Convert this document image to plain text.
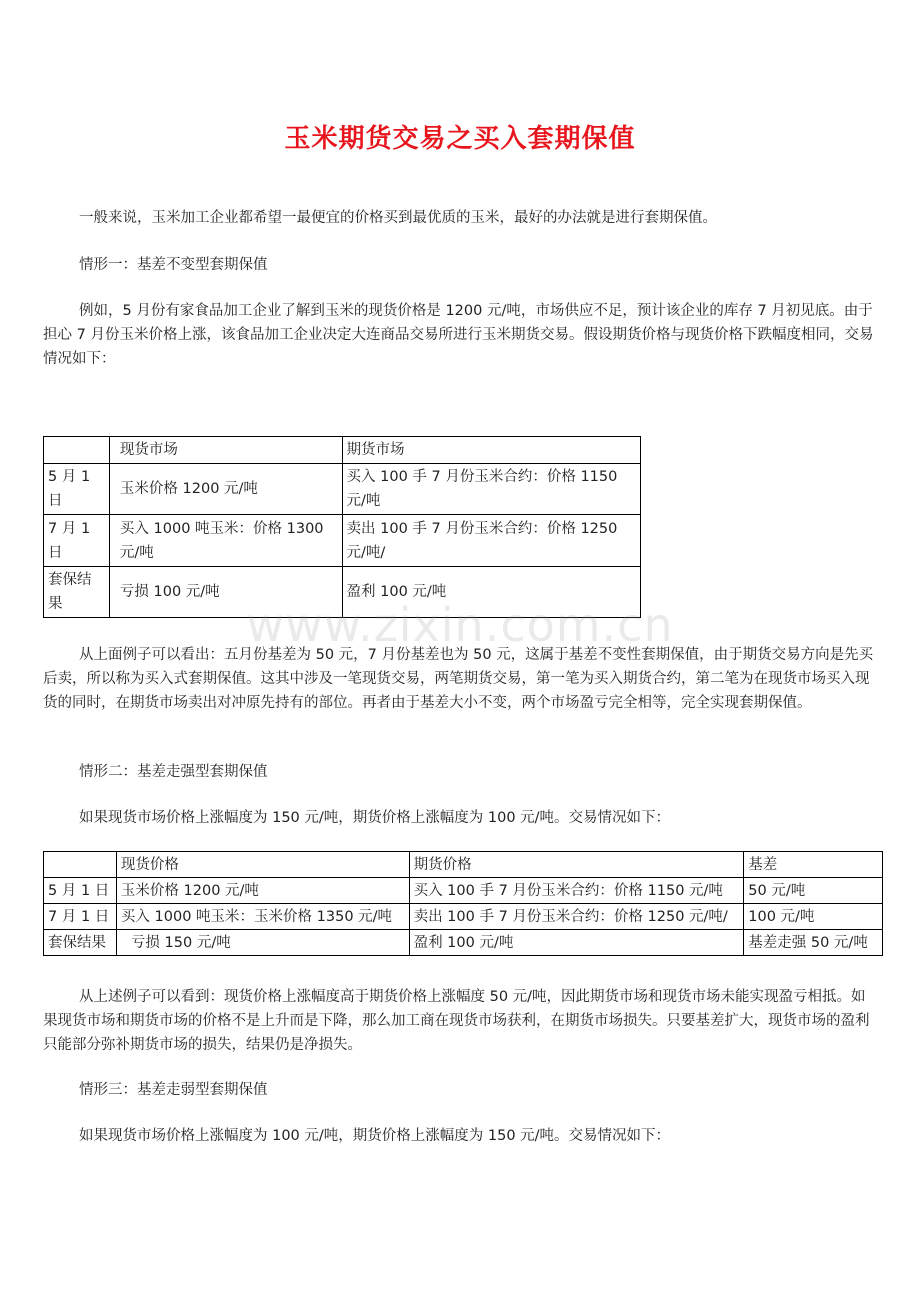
玉米期货交易之买入套期保值

一般来说，玉米加工企业都希望一最便宜的价格买到最优质的玉米，最好的办法就是进行套期保值。

情形一：基差不变型套期保值

例如，5 月份有家食品加工企业了解到玉米的现货价格是 1200 元/吨，市场供应不足，预计该企业的库存 7 月初见底。由于担心 7 月份玉米价格上涨，该食品加工企业决定大连商品交易所进行玉米期货交易。假设期货价格与现货价格下跌幅度相同，交易情况如下：

	现货市场	期货市场
5 月 1 日	玉米价格 1200 元/吨	买入 100 手 7 月份玉米合约：价格 1150 元/吨
7 月 1 日	买入 1000 吨玉米：价格 1300 元/吨	卖出 100 手 7 月份玉米合约：价格 1250 元/吨/
套保结果	亏损 100 元/吨	盈利 100 元/吨
www.zixin.com.cn

从上面例子可以看出：五月份基差为 50 元，7 月份基差也为 50 元，这属于基差不变性套期保值，由于期货交易方向是先买后卖，所以称为买入式套期保值。这其中涉及一笔现货交易，两笔期货交易，第一笔为买入期货合约，第二笔为在现货市场买入现货的同时，在期货市场卖出对冲原先持有的部位。再者由于基差大小不变，两个市场盈亏完全相等，完全实现套期保值。

情形二：基差走强型套期保值

如果现货市场价格上涨幅度为 150 元/吨，期货价格上涨幅度为 100 元/吨。交易情况如下：

	现货价格	期货价格	基差
5 月 1 日	玉米价格 1200 元/吨	买入 100 手 7 月份玉米合约：价格 1150 元/吨	50 元/吨
7 月 1 日	买入 1000 吨玉米：玉米价格 1350 元/吨	卖出 100 手 7 月份玉米合约：价格 1250 元/吨/	100 元/吨
套保结果	亏损 150 元/吨	盈利 100 元/吨	基差走强 50 元/吨

从上述例子可以看到：现货价格上涨幅度高于期货价格上涨幅度 50 元/吨，因此期货市场和现货市场未能实现盈亏相抵。如果现货市场和期货市场的价格不是上升而是下降，那么加工商在现货市场获利，在期货市场损失。只要基差扩大，现货市场的盈利只能部分弥补期货市场的损失，结果仍是净损失。

情形三：基差走弱型套期保值

如果现货市场价格上涨幅度为 100 元/吨，期货价格上涨幅度为 150 元/吨。交易情况如下：
